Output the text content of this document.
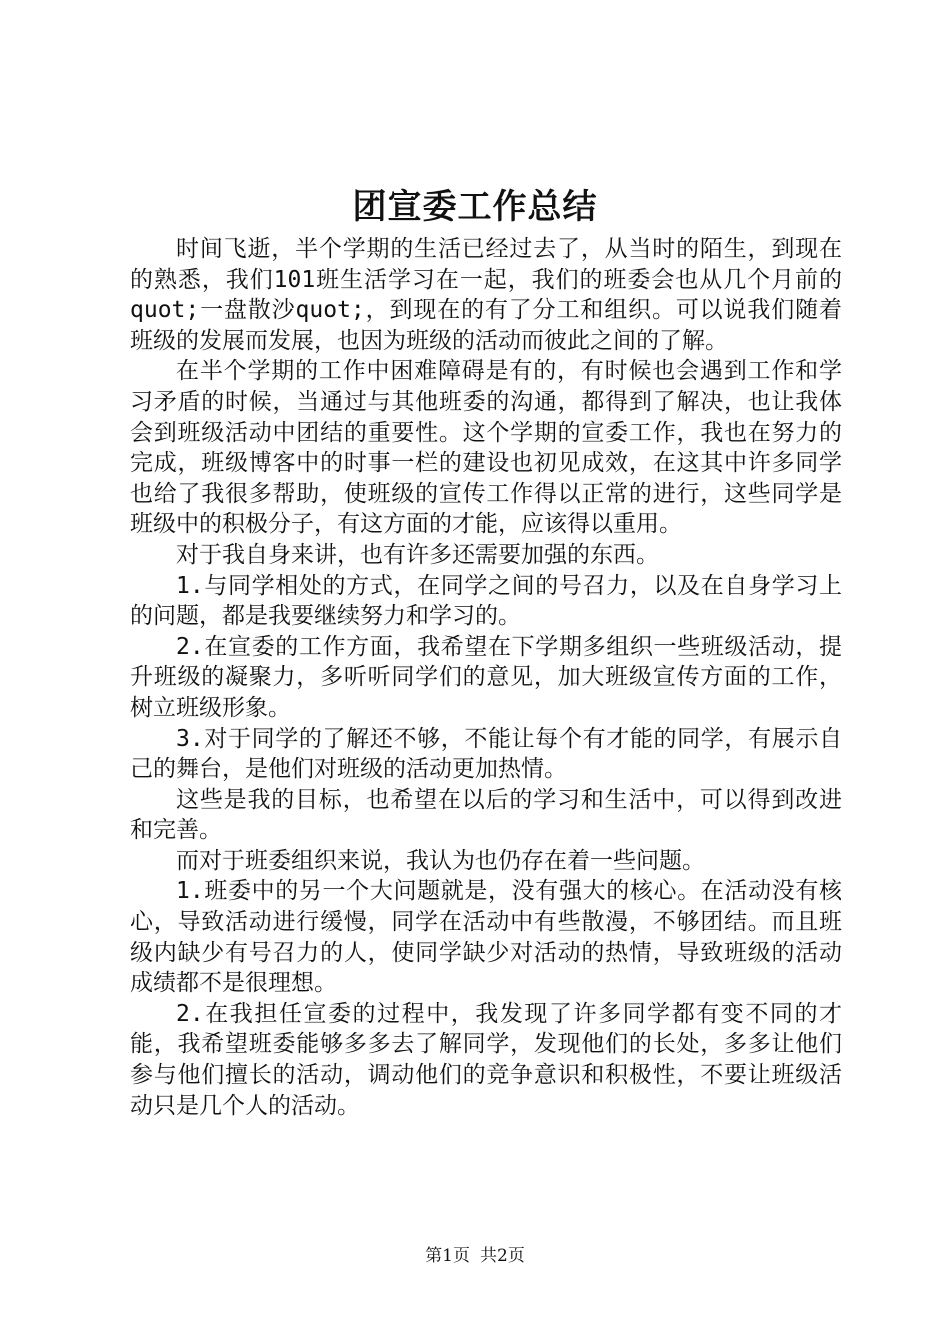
团宣委工作总结

时间飞逝，半个学期的生活已经过去了，从当时的陌生，到现在的熟悉，我们101班生活学习在一起，我们的班委会也从几个月前的quot;一盘散沙quot;，到现在的有了分工和组织。可以说我们随着班级的发展而发展，也因为班级的活动而彼此之间的了解。

在半个学期的工作中困难障碍是有的，有时候也会遇到工作和学习矛盾的时候，当通过与其他班委的沟通，都得到了解决，也让我体会到班级活动中团结的重要性。这个学期的宣委工作，我也在努力的完成，班级博客中的时事一栏的建设也初见成效，在这其中许多同学也给了我很多帮助，使班级的宣传工作得以正常的进行，这些同学是班级中的积极分子，有这方面的才能，应该得以重用。

对于我自身来讲，也有许多还需要加强的东西。

1.与同学相处的方式，在同学之间的号召力，以及在自身学习上的问题，都是我要继续努力和学习的。

2.在宣委的工作方面，我希望在下学期多组织一些班级活动，提升班级的凝聚力，多听听同学们的意见，加大班级宣传方面的工作，树立班级形象。

3.对于同学的了解还不够，不能让每个有才能的同学，有展示自己的舞台，是他们对班级的活动更加热情。

这些是我的目标，也希望在以后的学习和生活中，可以得到改进和完善。

而对于班委组织来说，我认为也仍存在着一些问题。

1.班委中的另一个大问题就是，没有强大的核心。在活动没有核心，导致活动进行缓慢，同学在活动中有些散漫，不够团结。而且班级内缺少有号召力的人，使同学缺少对活动的热情，导致班级的活动成绩都不是很理想。

2.在我担任宣委的过程中，我发现了许多同学都有变不同的才能，我希望班委能够多多去了解同学，发现他们的长处，多多让他们参与他们擅长的活动，调动他们的竞争意识和积极性，不要让班级活动只是几个人的活动。

第1页 共2页
